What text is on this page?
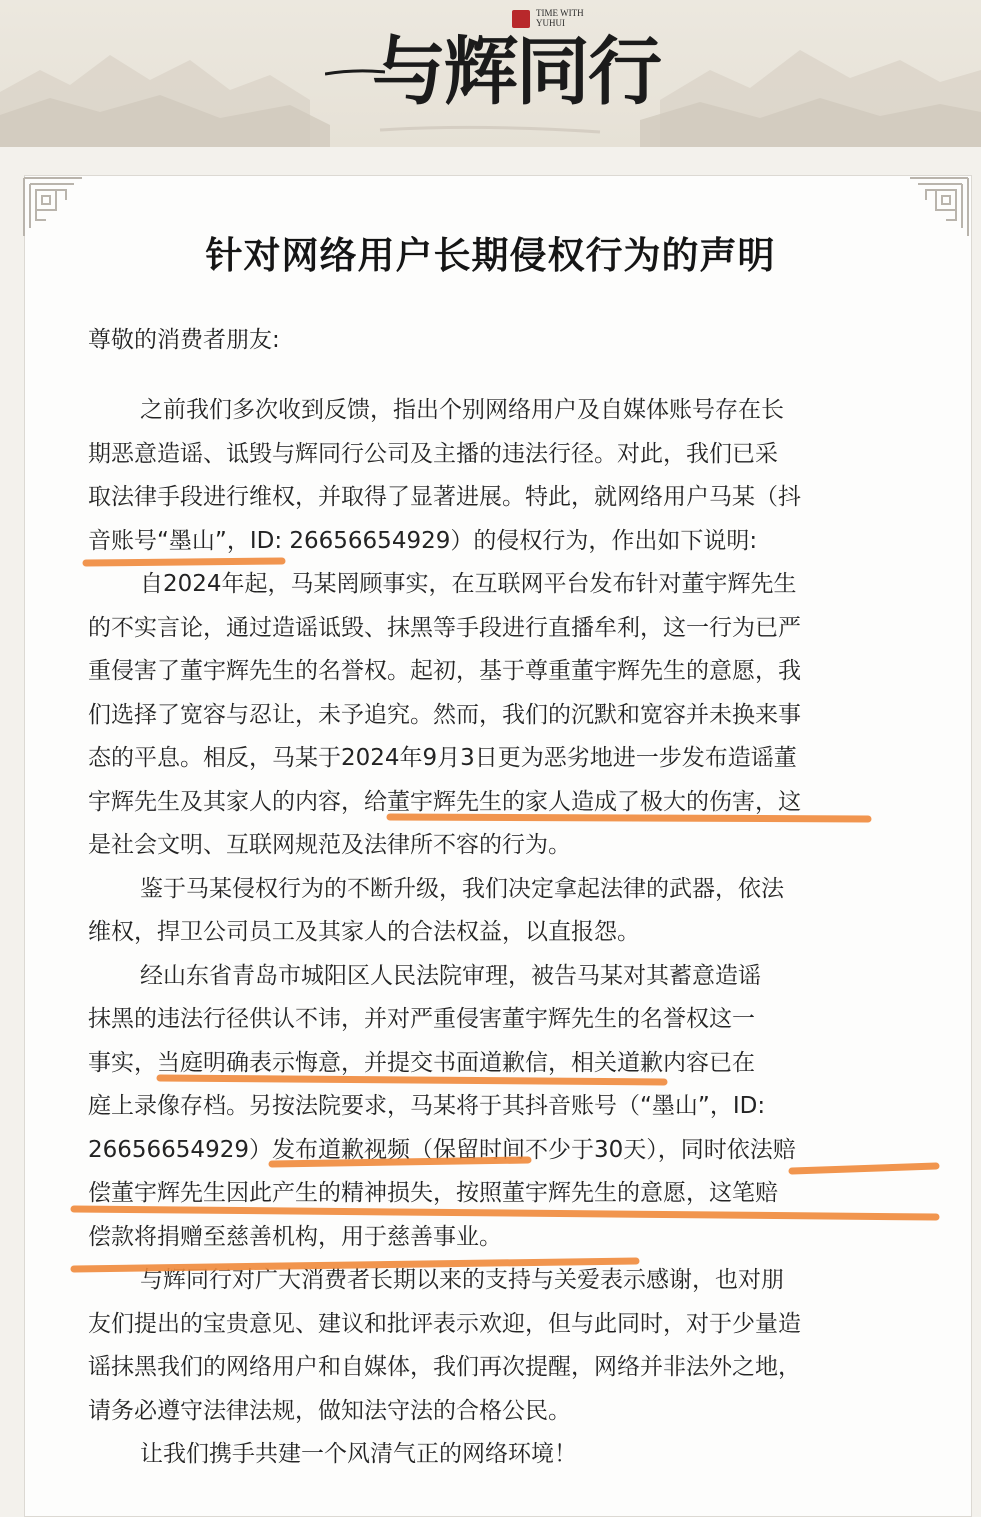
与辉同行
TIME WITH
YUHUI
针对网络用户长期侵权行为的声明
尊敬的消费者朋友:
之前我们多次收到反馈，指出个别网络用户及自媒体账号存在长
期恶意造谣、诋毁与辉同行公司及主播的违法行径。对此，我们已采
取法律手段进行维权，并取得了显著进展。特此，就网络用户马某（抖
音账号“墨山”，ID: 26656654929）的侵权行为，作出如下说明:
自2024年起，马某罔顾事实，在互联网平台发布针对董宇辉先生
的不实言论，通过造谣诋毁、抹黑等手段进行直播牟利，这一行为已严
重侵害了董宇辉先生的名誉权。起初，基于尊重董宇辉先生的意愿，我
们选择了宽容与忍让，未予追究。然而，我们的沉默和宽容并未换来事
态的平息。相反，马某于2024年9月3日更为恶劣地进一步发布造谣董
宇辉先生及其家人的内容，给董宇辉先生的家人造成了极大的伤害，这
是社会文明、互联网规范及法律所不容的行为。
鉴于马某侵权行为的不断升级，我们决定拿起法律的武器，依法
维权，捍卫公司员工及其家人的合法权益，以直报怨。
经山东省青岛市城阳区人民法院审理，被告马某对其蓄意造谣
抹黑的违法行径供认不讳，并对严重侵害董宇辉先生的名誉权这一
事实，当庭明确表示悔意，并提交书面道歉信，相关道歉内容已在
庭上录像存档。另按法院要求，马某将于其抖音账号（“墨山”，ID:
26656654929）发布道歉视频（保留时间不少于30天），同时依法赔
偿董宇辉先生因此产生的精神损失，按照董宇辉先生的意愿，这笔赔
偿款将捐赠至慈善机构，用于慈善事业。
与辉同行对广大消费者长期以来的支持与关爱表示感谢，也对朋
友们提出的宝贵意见、建议和批评表示欢迎，但与此同时，对于少量造
谣抹黑我们的网络用户和自媒体，我们再次提醒，网络并非法外之地，
请务必遵守法律法规，做知法守法的合格公民。
让我们携手共建一个风清气正的网络环境！
